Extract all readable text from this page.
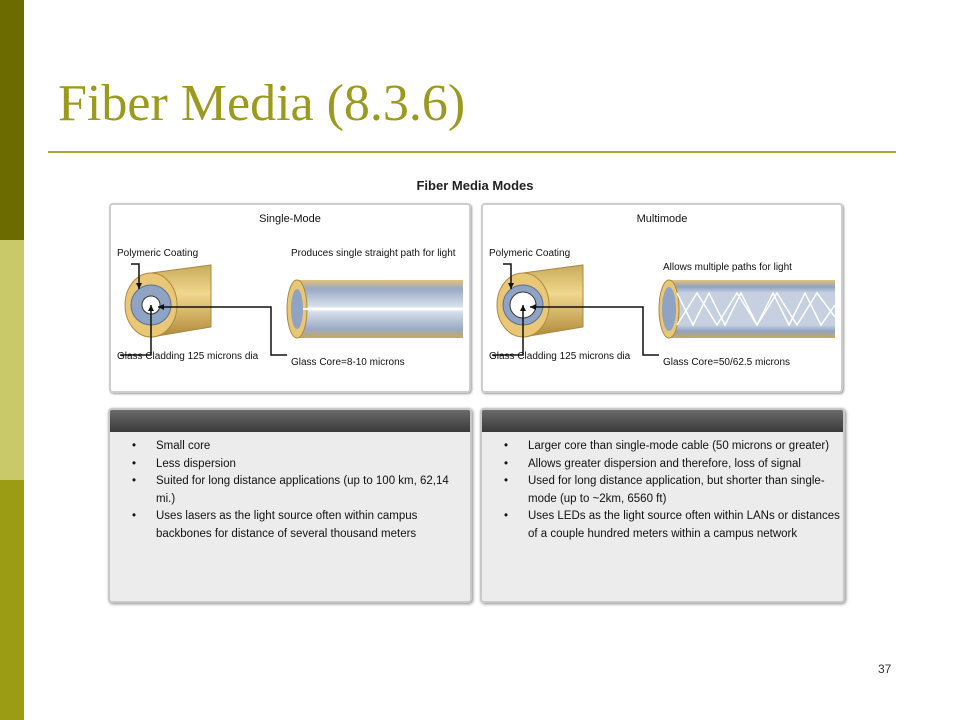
Fiber Media (8.3.6)
Fiber Media Modes
Single-Mode
Polymeric Coating	Produces single straight path for light
Glass Cladding 125 microns dia
Glass Core=8-10 microns
Multimode
Polymeric Coating
Allows multiple paths for light
Glass Cladding 125 microns dia
Glass Core=50/62.5 microns
• Small core
• Less dispersion
• Suited for long distance applications (up to 100 km, 62,14 mi.)
• Uses lasers as the light source often within campus backbones for distance of several thousand meters
• Larger core than single-mode cable (50 microns or greater)
• Allows greater dispersion and therefore, loss of signal
• Used for long distance application, but shorter than single-mode (up to ~2km, 6560 ft)
• Uses LEDs as the light source often within LANs or distances of a couple hundred meters within a campus network
37
